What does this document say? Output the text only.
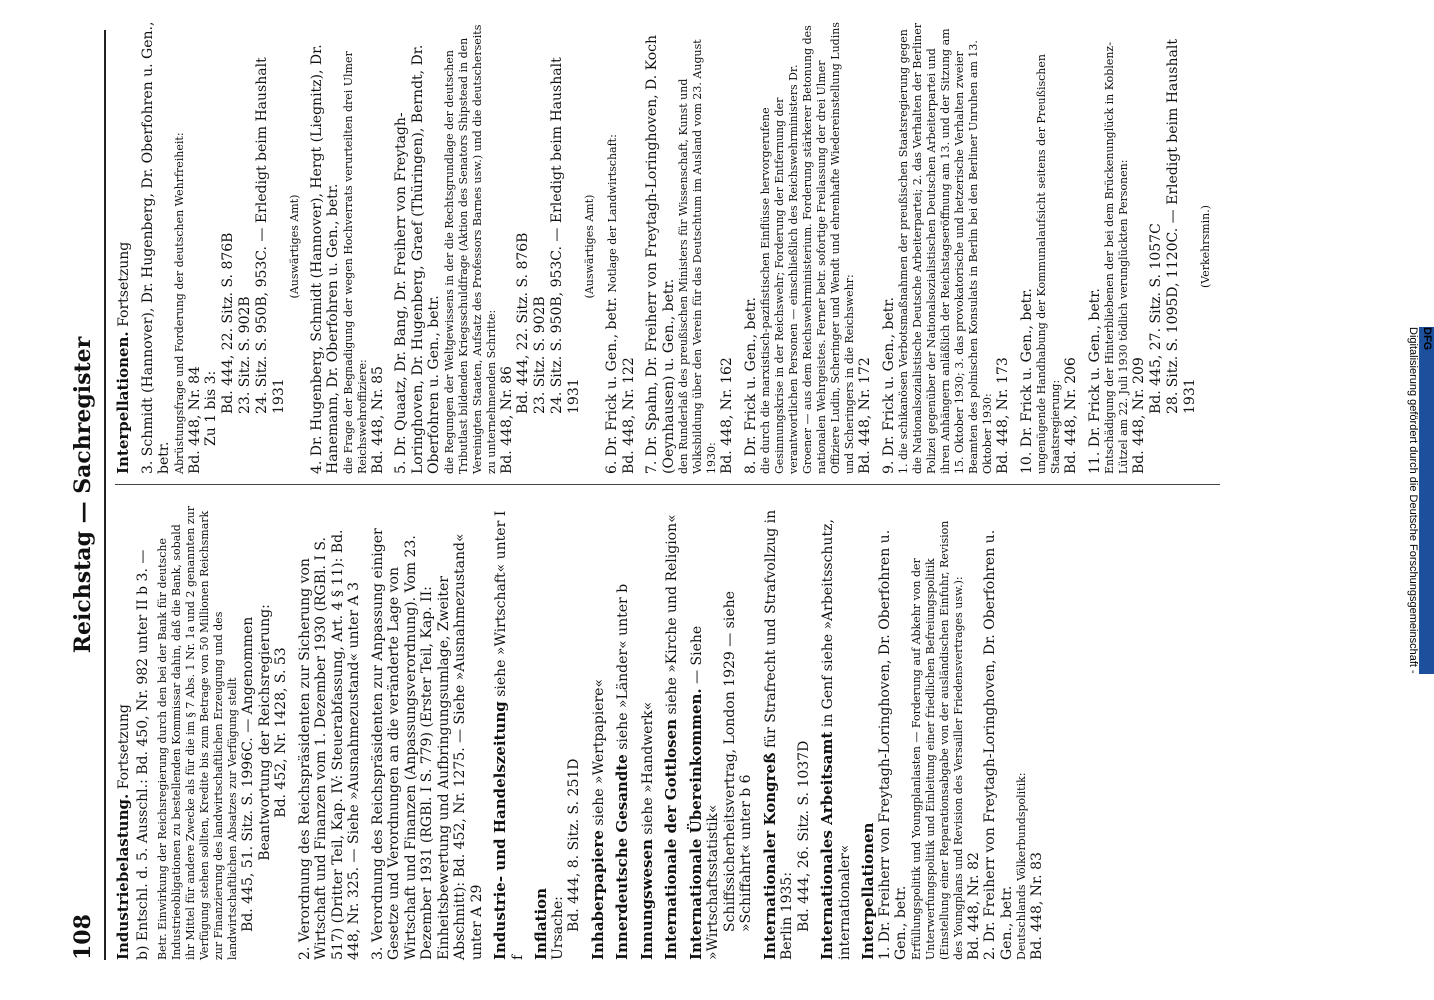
108
Reichstag — Sachregister
Industriebelastung. Fortsetzung b) Entschl. d. 5. Ausschl.: Bd. 450, Nr. 982 unter II b 3. — Betr. Einwirkung der Reichsregierung durch den bei der Bank für deutsche Industrieobligationen zu bestellenden Kommissar dahin, daß die Bank, sobald ihr Mittel für andere Zwecke als für die im § 7 Abs. 1 Nr. 1a und 2 genannten zur Verfügung stehen sollten, Kredite bis zum Betrage von 50 Millionen Reichsmark zur Finanzierung des landwirtschaftlichen Erzeugung und des landwirtschaftlichen Absatzes zur Verfügung stellt Bd. 445, 51. Sitz. S. 1996C. — Angenommen Beantwortung der Reichsregierung: Bd. 452, Nr. 1428, S. 53 2. Verordnung des Reichspräsidenten zur Sicherung von Wirtschaft und Finanzen vom 1. Dezember 1930 (RGBl. I S. 517) (Dritter Teil, Kap. IV: Steuerabfassung, Art. 4 § 11): Bd. 448, Nr. 325. — Siehe »Ausnahmezustand« unter A 3 3. Verordnung des Reichspräsidenten zur Anpassung einiger Gesetze und Verordnungen an die veränderte Lage von Wirtschaft und Finanzen (Anpassungsverordnung). Vom 23. Dezember 1931 (RGBl. I S. 779) (Erster Teil, Kap. II: Einheitsbewertung und Aufbringungsumlage, Zweiter Abschnitt): Bd. 452, Nr. 1275. — Siehe »Ausnahmezustand« unter A 29 Industrie- und Handelszeitung siehe »Wirtschaft« unter I f Inflation Ursache: Bd. 444, 8. Sitz. S. 251D Inhaberpapiere siehe »Wertpapiere«
Innerdeutsche Gesandte siehe »Länder« unter b
Innungswesen siehe »Handwerk« Internationale der Gottlosen siehe »Kirche und Religion«
Internationale Übereinkommen. — Siehe »Wirtschaftsstatistik« Schiffssicherheitsvertrag, London 1929 — siehe »Schiffahrt« unter b 6 Internationaler Kongreß für Strafrecht und Strafvollzug in Berlin 1935: Bd. 444, 26. Sitz. S. 1037D Internationales Arbeitsamt in Genf siehe »Arbeitsschutz, internationaler« Interpellationen 1. Dr. Freiherr von Freytagh-Loringhoven, Dr. Oberfohren u. Gen., betr. Erfüllungspolitik und Youngplanlasten — Forderung auf Abkehr von der Unterwerfungspolitik und Einleitung einer friedlichen Befreiungspolitik (Einstellung einer Reparationsabgabe von der ausländischen Einfuhr, Revision des Youngplans und Revision des Versailler Friedensvertrages usw.): Bd. 448, Nr. 82 2. Dr. Freiherr von Freytagh-Loringhoven, Dr. Oberfohren u. Gen., betr. Deutschlands Völkerbundspolitik: Bd. 448, Nr. 83
Interpellationen. Fortsetzung 3. Schmidt (Hannover), Dr. Hugenberg, Dr. Oberfohren u. Gen., betr. Abrüstungsfrage und Forderung der deutschen Wehrfreiheit: Bd. 448, Nr. 84 Zu 1 bis 3: Bd. 444, 22. Sitz. S. 876B 23. Sitz. S. 902B 24. Sitz. S. 950B, 953C. — Erledigt beim Haushalt 1931
(Auswärtiges Amt) 4. Dr. Hugenberg, Schmidt (Hannover), Hergt (Liegnitz), Dr. Hanemann, Dr. Oberfohren u. Gen., betr. die Frage der Begnadigung der wegen Hochverrats verurteilten drei Ulmer Reichswehroffiziere: Bd. 448, Nr. 85 5. Dr. Quaatz, Dr. Bang, Dr. Freiherr von Freytagh-Loringhoven, Dr. Hugenberg, Graef (Thüringen), Berndt, Dr. Oberfohren u. Gen., betr. die Regungen der Weltgewissens in der die Rechtsgrundlage der deutschen Tributlast bildenden Kriegsschuldfrage (Aktion des Senators Shipstead in den Vereinigten Staaten, Aufsatz des Professors Barnes usw.) und die deutscherseits zu unternehmenden Schritte: Bd. 448, Nr. 86
Bd. 444, 22. Sitz. S. 876B 23. Sitz. S. 902B 24. Sitz. S. 950B, 953C. — Erledigt beim Haushalt 1931
(Auswärtiges Amt)
6. Dr. Frick u. Gen., betr. Notlage der Landwirtschaft:
Bd. 448, Nr. 122 7. Dr. Spahn, Dr. Freiherr von Freytagh-Loringhoven, D. Koch (Oeynhausen) u. Gen., betr. den Runderlaß des preußischen Ministers für Wissenschaft, Kunst und Volksbildung über den Verein für das Deutschtum im Ausland vom 23. August 1930: Bd. 448, Nr. 162 8. Dr. Frick u. Gen., betr. die durch die marxistisch-pazifistischen Einflüsse hervorgerufene Gesinnungskrise in der Reichswehr; Forderung der Entfernung der verantwortlichen Personen — einschließlich des Reichswehrministers Dr. Groener — aus dem Reichswehrministerium. Forderung stärkerer Betonung des nationalen Wehrgeistes. Ferner betr. sofortige Freilassung der drei Ulmer Offiziere Ludin, Scheringer und Wendt und ehrenhafte Wiedereinstellung Ludins und Scheringers in die Reichswehr: Bd. 448, Nr. 172 9. Dr. Frick u. Gen., betr. 1. die schikanösen Verbotsmaßnahmen der preußischen Staatsregierung gegen die Nationalsozialistische Deutsche Arbeiterpartei; 2. das Verhalten der Berliner Polizei gegenüber der Nationalsozialistischen Deutschen Arbeiterpartei und ihren Anhängern anläßlich der Reichstagseröffnung am 13. und der Sitzung am 15. Oktober 1930; 3. das provokatorische und hetzerische Verhalten zweier Beamten des polnischen Konsulats in Berlin bei den Berliner Unruhen am 13. Oktober 1930: Bd. 448, Nr. 173 10. Dr. Frick u. Gen., betr. ungenügende Handhabung der Kommunalaufsicht seitens der Preußischen Staatsregierung: Bd. 448, Nr. 206 11. Dr. Frick u. Gen., betr. Entschädigung der Hinterbliebenen der bei dem Brückenunglück in Koblenz-Lützel am 22. Juli 1930 tödlich verunglückten Personen: Bd. 448, Nr. 209
Bd. 445, 27. Sitz. S. 1057C 28. Sitz. S. 1095D, 1120C. — Erledigt beim Haushalt 1931
(Verkehrsmin.)
Digitalisierung gefördert durch die Deutsche Forschungsgemeinschaft - DFG
